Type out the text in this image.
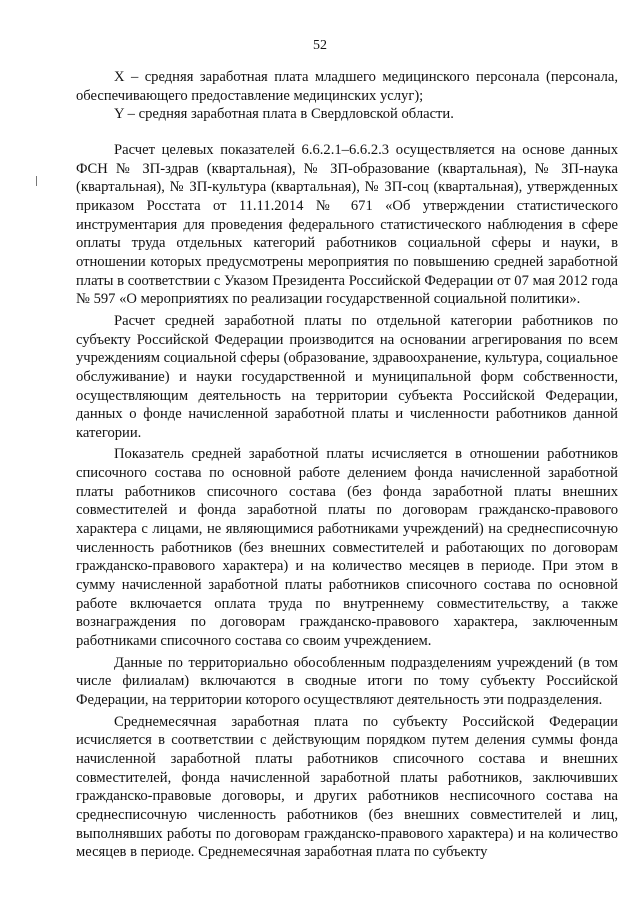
52

X – средняя заработная плата младшего медицинского персонала (персонала, обеспечивающего предоставление медицинских услуг);

Y – средняя заработная плата в Свердловской области.

Расчет целевых показателей 6.6.2.1–6.6.2.3 осуществляется на основе данных ФСН № ЗП-здрав (квартальная), № ЗП-образование (квартальная), № ЗП-наука (квартальная), № ЗП-культура (квартальная), № ЗП-соц (квартальная), утвержденных приказом Росстата от 11.11.2014 № 671 «Об утверждении статистического инструментария для проведения федерального статистического наблюдения в сфере оплаты труда отдельных категорий работников социальной сферы и науки, в отношении которых предусмотрены мероприятия по повышению средней заработной платы в соответствии с Указом Президента Российской Федерации от 07 мая 2012 года № 597 «О мероприятиях по реализации государственной социальной политики».

Расчет средней заработной платы по отдельной категории работников по субъекту Российской Федерации производится на основании агрегирования по всем учреждениям социальной сферы (образование, здравоохранение, культура, социальное обслуживание) и науки государственной и муниципальной форм собственности, осуществляющим деятельность на территории субъекта Российской Федерации, данных о фонде начисленной заработной платы и численности работников данной категории.

Показатель средней заработной платы исчисляется в отношении работников списочного состава по основной работе делением фонда начисленной заработной платы работников списочного состава (без фонда заработной платы внешних совместителей и фонда заработной платы по договорам гражданско-правового характера с лицами, не являющимися работниками учреждений) на среднесписочную численность работников (без внешних совместителей и работающих по договорам гражданско-правового характера) и на количество месяцев в периоде. При этом в сумму начисленной заработной платы работников списочного состава по основной работе включается оплата труда по внутреннему совместительству, а также вознаграждения по договорам гражданско-правового характера, заключенным работниками списочного состава со своим учреждением.

Данные по территориально обособленным подразделениям учреждений (в том числе филиалам) включаются в сводные итоги по тому субъекту Российской Федерации, на территории которого осуществляют деятельность эти подразделения.

Среднемесячная заработная плата по субъекту Российской Федерации исчисляется в соответствии с действующим порядком путем деления суммы фонда начисленной заработной платы работников списочного состава и внешних совместителей, фонда начисленной заработной платы работников, заключивших гражданско-правовые договоры, и других работников несписочного состава на среднесписочную численность работников (без внешних совместителей и лиц, выполнявших работы по договорам гражданско-правового характера) и на количество месяцев в периоде. Среднемесячная заработная плата по субъекту
